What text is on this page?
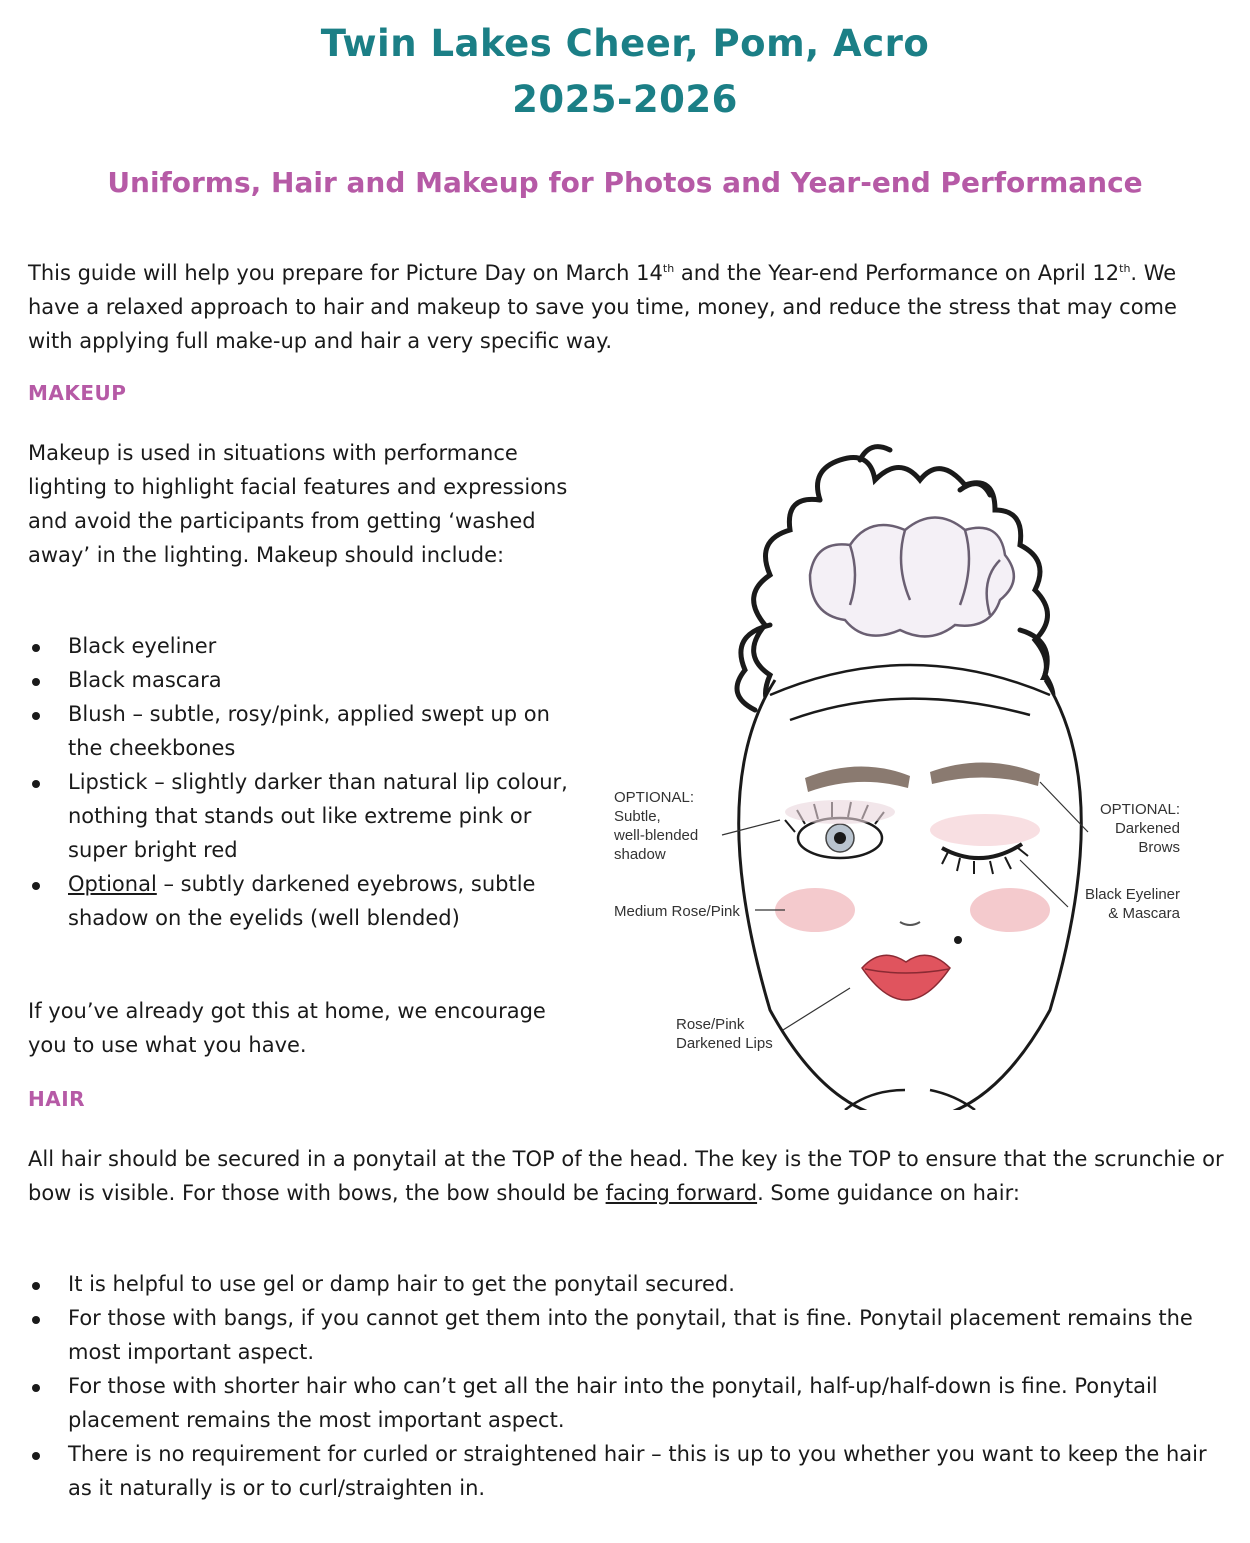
Twin Lakes Cheer, Pom, Acro
2025-2026
Uniforms, Hair and Makeup for Photos and Year-end Performance

This guide will help you prepare for Picture Day on March 14th and the Year-end Performance on April 12th. We have a relaxed approach to hair and makeup to save you time, money, and reduce the stress that may come with applying full make-up and hair a very specific way.

MAKEUP

Makeup is used in situations with performance lighting to highlight facial features and expressions and avoid the participants from getting ‘washed away’ in the lighting. Makeup should include:

Black eyeliner
Black mascara
Blush – subtle, rosy/pink, applied swept up on the cheekbones
Lipstick – slightly darker than natural lip colour, nothing that stands out like extreme pink or super bright red
Optional – subtly darkened eyebrows, subtle shadow on the eyelids (well blended)

If you’ve already got this at home, we encourage you to use what you have.

OPTIONAL:
Subtle,
well-blended
shadow
OPTIONAL:
Darkened
Brows
Black Eyeliner
& Mascara
Medium Rose/Pink
Rose/Pink
Darkened Lips
HAIR

All hair should be secured in a ponytail at the TOP of the head. The key is the TOP to ensure that the scrunchie or bow is visible. For those with bows, the bow should be facing forward. Some guidance on hair:

It is helpful to use gel or damp hair to get the ponytail secured.
For those with bangs, if you cannot get them into the ponytail, that is fine. Ponytail placement remains the most important aspect.
For those with shorter hair who can’t get all the hair into the ponytail, half-up/half-down is fine. Ponytail placement remains the most important aspect.
There is no requirement for curled or straightened hair – this is up to you whether you want to keep the hair as it naturally is or to curl/straighten in.
